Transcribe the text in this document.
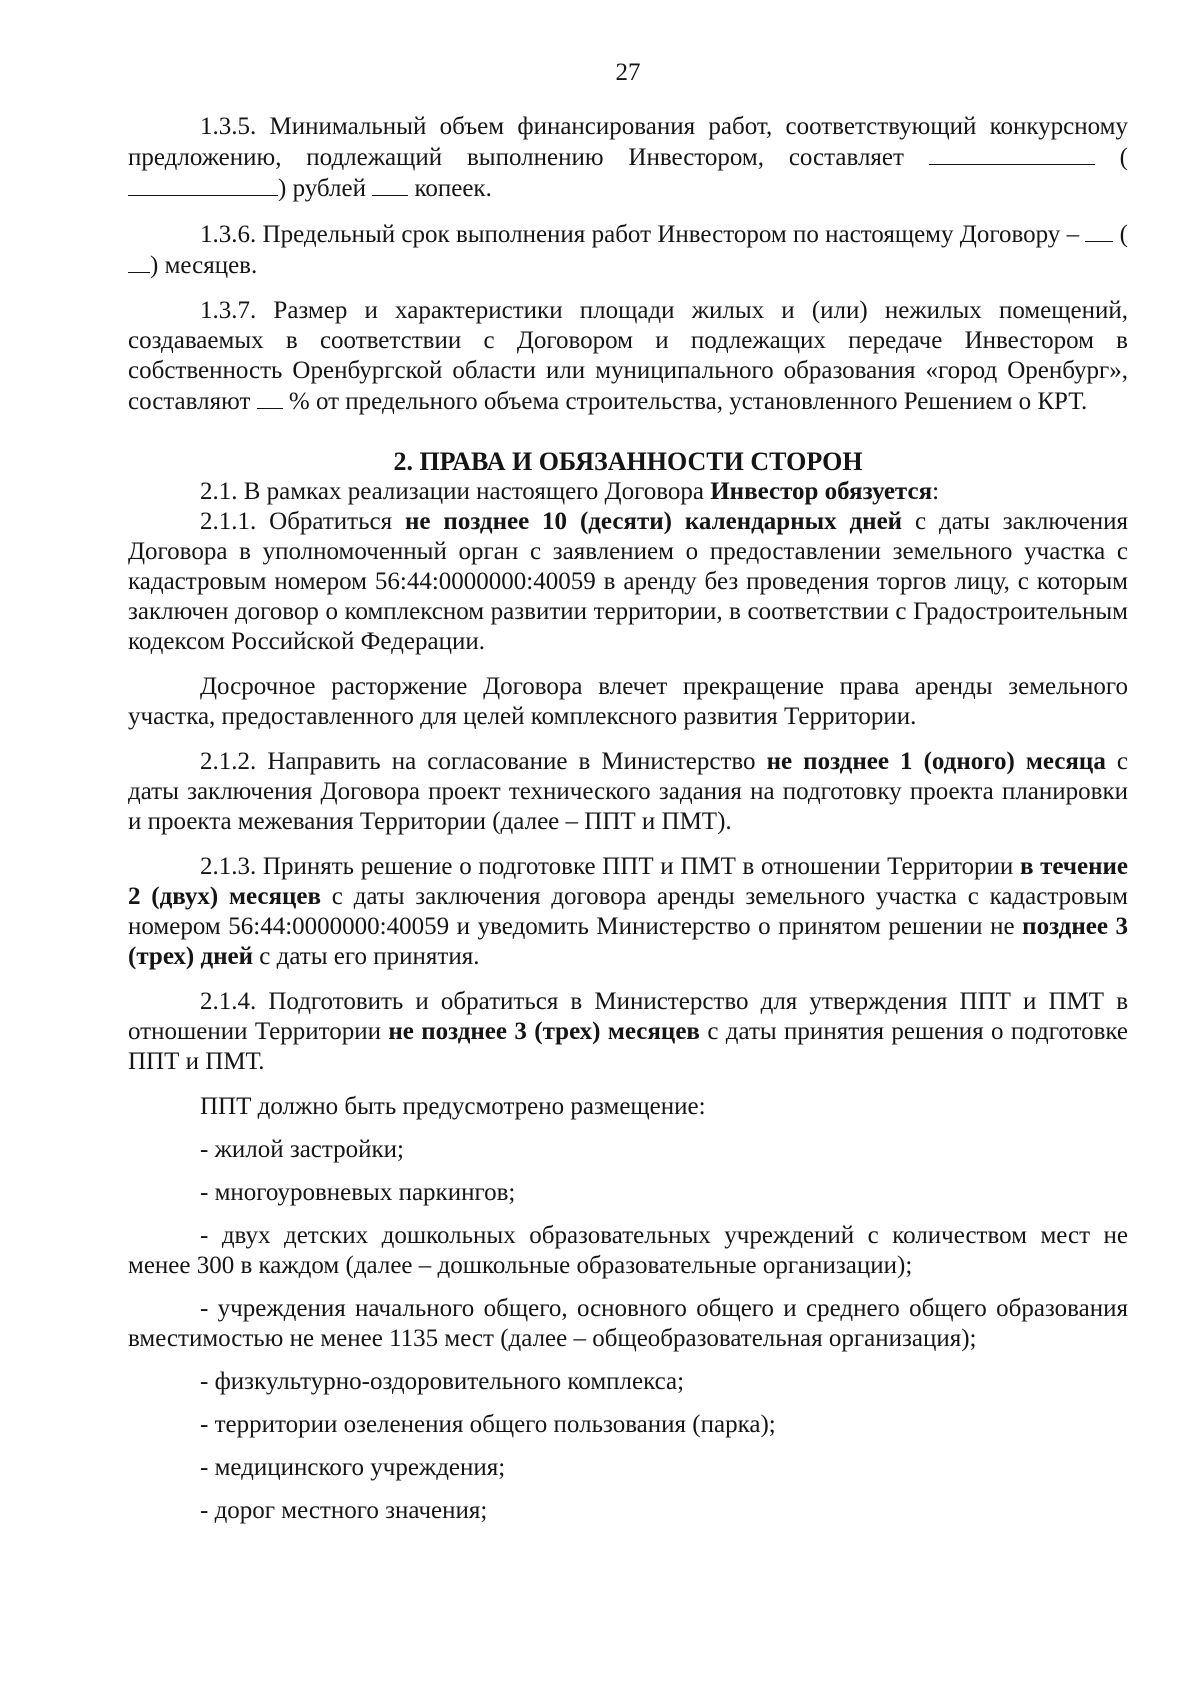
27

1.3.5. Минимальный объем финансирования работ, соответствующий конкурсному предложению, подлежащий выполнению Инвестором, составляет	() рублей копеек.

1.3.6. Предельный срок выполнения работ Инвестором по настоящему Договору – () месяцев.

1.3.7. Размер и характеристики площади жилых и (или) нежилых помещений, создаваемых в соответствии с Договором и подлежащих передаче Инвестором в собственность Оренбургской области или муниципального образования «город Оренбург», составляют % от предельного объема строительства, установленного Решением о КРТ.

2. ПРАВА И ОБЯЗАННОСТИ СТОРОН

2.1. В рамках реализации настоящего Договора Инвестор обязуется:

2.1.1. Обратиться не позднее 10 (десяти) календарных дней с даты заключения Договора в уполномоченный орган с заявлением о предоставлении земельного участка с кадастровым номером 56:44:0000000:40059 в аренду без проведения торгов лицу, с которым заключен договор о комплексном развитии территории, в соответствии с Градостроительным кодексом Российской Федерации.

Досрочное расторжение Договора влечет прекращение права аренды земельного участка, предоставленного для целей комплексного развития Территории.

2.1.2. Направить на согласование в Министерство не позднее 1 (одного) месяца с даты заключения Договора проект технического задания на подготовку проекта планировки и проекта межевания Территории (далее – ППТ и ПМТ).

2.1.3. Принять решение о подготовке ППТ и ПМТ в отношении Территории в течение 2 (двух) месяцев с даты заключения договора аренды земельного участка с кадастровым номером 56:44:0000000:40059 и уведомить Министерство о принятом решении не позднее 3 (трех) дней с даты его принятия.

2.1.4. Подготовить и обратиться в Министерство для утверждения ППТ и ПМТ в отношении Территории не позднее 3 (трех) месяцев с даты принятия решения о подготовке ППТ и ПМТ.

ППТ должно быть предусмотрено размещение:

- жилой застройки;

- многоуровневых паркингов;

- двух детских дошкольных образовательных учреждений с количеством мест не менее 300 в каждом (далее – дошкольные образовательные организации);

- учреждения начального общего, основного общего и среднего общего образования вместимостью не менее 1135 мест (далее – общеобразовательная организация);

- физкультурно-оздоровительного комплекса;

- территории озеленения общего пользования (парка);

- медицинского учреждения;

- дорог местного значения;
